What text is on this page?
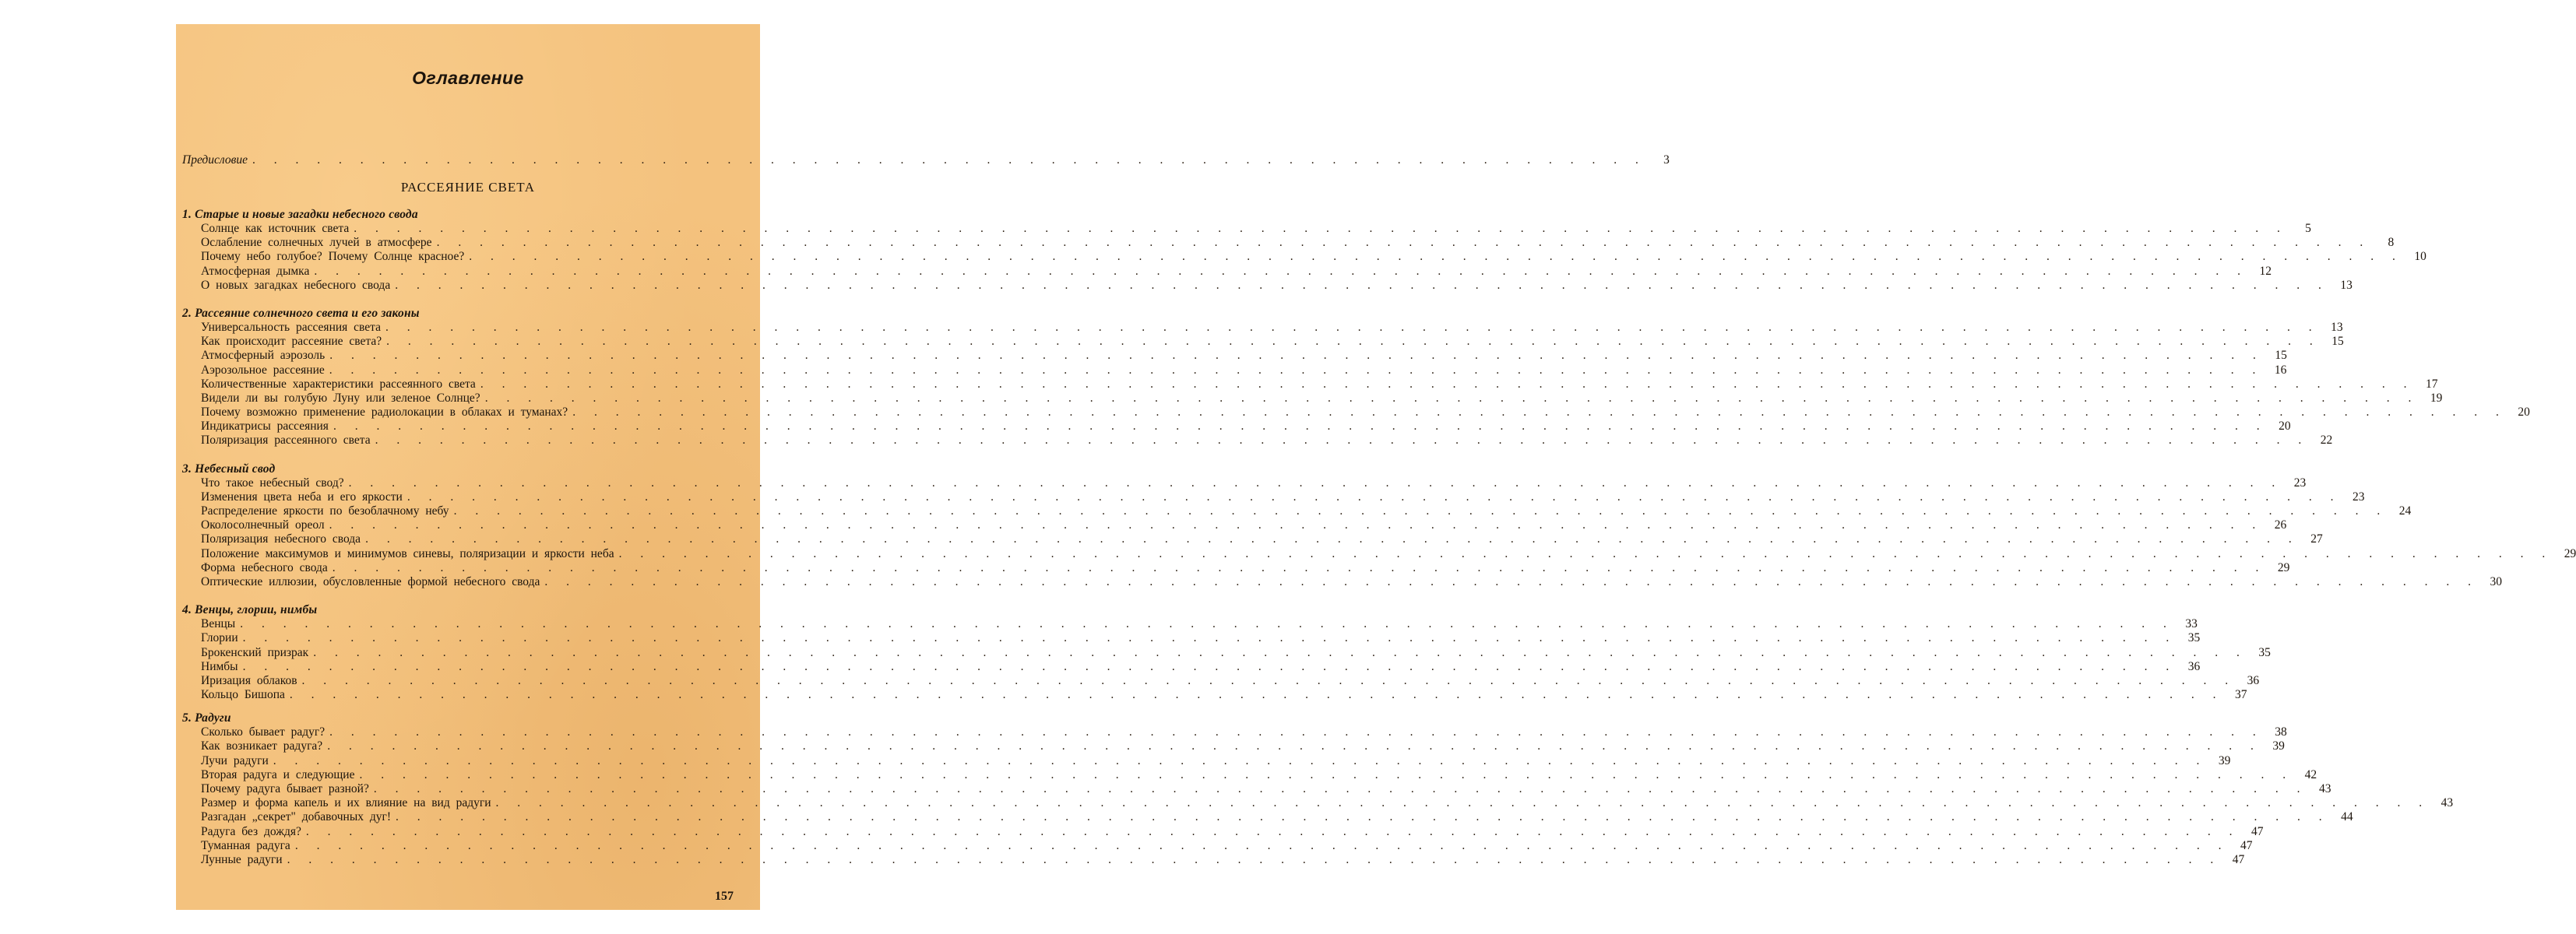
Оглавление
Предисловие . . . . . . . . . . . . . . . . . . . . . . . . . . . . . . . . . . . . . . . . . . . . . . . . . . . . . . . . . . . . . . . . .	3
РАССЕЯНИЕ СВЕТА
1. Старые и новые загадки небесного свода
Солнце как источник света . . . . . . . . . . . . . . . . . . . . . . . . . . . . . . . . . . . . . . . . . . . . . . . . . . . . . . . . . . . . . . . . . . . . . . . . . . . . . . . . . . . . . . . . . .	5
Ослабление солнечных лучей в атмосфере . . . . . . . . . . . . . . . . . . . . . . . . . . . . . . . . . . . . . . . . . . . . . . . . . . . . . . . . . . . . . . . . . . . . . . . . . . . . . . . . . . . . . . . . . .	8
Почему небо голубое? Почему Солнце красное? . . . . . . . . . . . . . . . . . . . . . . . . . . . . . . . . . . . . . . . . . . . . . . . . . . . . . . . . . . . . . . . . . . . . . . . . . . . . . . . . . . . . . . . . . . 10
Атмосферная дымка . . . . . . . . . . . . . . . . . . . . . . . . . . . . . . . . . . . . . . . . . . . . . . . . . . . . . . . . . . . . . . . . . . . . . . . . . . . . . . . . . . . . . . . . . . 12
О новых загадках небесного свода . . . . . . . . . . . . . . . . . . . . . . . . . . . . . . . . . . . . . . . . . . . . . . . . . . . . . . . . . . . . . . . . . . . . . . . . . . . . . . . . . . . . . . . . . . 13
2. Рассеяние солнечного света и его законы
Универсальность рассеяния света . . . . . . . . . . . . . . . . . . . . . . . . . . . . . . . . . . . . . . . . . . . . . . . . . . . . . . . . . . . . . . . . . . . . . . . . . . . . . . . . . . . . . . . . . . 13
Как происходит рассеяние света? . . . . . . . . . . . . . . . . . . . . . . . . . . . . . . . . . . . . . . . . . . . . . . . . . . . . . . . . . . . . . . . . . . . . . . . . . . . . . . . . . . . . . . . . . . 15
Атмосферный аэрозоль . . . . . . . . . . . . . . . . . . . . . . . . . . . . . . . . . . . . . . . . . . . . . . . . . . . . . . . . . . . . . . . . . . . . . . . . . . . . . . . . . . . . . . . . . . 15
Аэрозольное рассеяние . . . . . . . . . . . . . . . . . . . . . . . . . . . . . . . . . . . . . . . . . . . . . . . . . . . . . . . . . . . . . . . . . . . . . . . . . . . . . . . . . . . . . . . . . . 16
Количественные характеристики рассеянного света . . . . . . . . . . . . . . . . . . . . . . . . . . . . . . . . . . . . . . . . . . . . . . . . . . . . . . . . . . . . . . . . . . . . . . . . . . . . . . . . . . . . . . . . . . 17
Видели ли вы голубую Луну или зеленое Солнце? . . . . . . . . . . . . . . . . . . . . . . . . . . . . . . . . . . . . . . . . . . . . . . . . . . . . . . . . . . . . . . . . . . . . . . . . . . . . . . . . . . . . . . . . . . 19
Почему возможно применение радиолокации в облаках и туманах? . . . . . . . . . . . . . . . . . . . . . . . . . . . . . . . . . . . . . . . . . . . . . . . . . . . . . . . . . . . . . . . . . . . . . . . . . . . . . . . . . . . . . . . . . . 20
Индикатрисы рассеяния . . . . . . . . . . . . . . . . . . . . . . . . . . . . . . . . . . . . . . . . . . . . . . . . . . . . . . . . . . . . . . . . . . . . . . . . . . . . . . . . . . . . . . . . . . 20
Поляризация рассеянного света . . . . . . . . . . . . . . . . . . . . . . . . . . . . . . . . . . . . . . . . . . . . . . . . . . . . . . . . . . . . . . . . . . . . . . . . . . . . . . . . . . . . . . . . . . 22
3. Небесный свод
Что такое небесный свод? . . . . . . . . . . . . . . . . . . . . . . . . . . . . . . . . . . . . . . . . . . . . . . . . . . . . . . . . . . . . . . . . . . . . . . . . . . . . . . . . . . . . . . . . . . 23
Изменения цвета неба и его яркости . . . . . . . . . . . . . . . . . . . . . . . . . . . . . . . . . . . . . . . . . . . . . . . . . . . . . . . . . . . . . . . . . . . . . . . . . . . . . . . . . . . . . . . . . . 23
Распределение яркости по безоблачному небу . . . . . . . . . . . . . . . . . . . . . . . . . . . . . . . . . . . . . . . . . . . . . . . . . . . . . . . . . . . . . . . . . . . . . . . . . . . . . . . . . . . . . . . . . . 24
Околосолнечный ореол . . . . . . . . . . . . . . . . . . . . . . . . . . . . . . . . . . . . . . . . . . . . . . . . . . . . . . . . . . . . . . . . . . . . . . . . . . . . . . . . . . . . . . . . . . 26
Поляризация небесного свода . . . . . . . . . . . . . . . . . . . . . . . . . . . . . . . . . . . . . . . . . . . . . . . . . . . . . . . . . . . . . . . . . . . . . . . . . . . . . . . . . . . . . . . . . . 27
Положение максимумов и минимумов синевы, поляризации и яркости неба . . . . . . . . . . . . . . . . . . . . . . . . . . . . . . . . . . . . . . . . . . . . . . . . . . . . . . . . . . . . . . . . . . . . . . . . . . . . . . . . . . . . . . . . . . 29
Форма небесного свода . . . . . . . . . . . . . . . . . . . . . . . . . . . . . . . . . . . . . . . . . . . . . . . . . . . . . . . . . . . . . . . . . . . . . . . . . . . . . . . . . . . . . . . . . . 29
Оптические иллюзии, обусловленные формой небесного свода . . . . . . . . . . . . . . . . . . . . . . . . . . . . . . . . . . . . . . . . . . . . . . . . . . . . . . . . . . . . . . . . . . . . . . . . . . . . . . . . . . . . . . . . . . 30
4. Венцы, глории, нимбы
Венцы . . . . . . . . . . . . . . . . . . . . . . . . . . . . . . . . . . . . . . . . . . . . . . . . . . . . . . . . . . . . . . . . . . . . . . . . . . . . . . . . . . . . . . . . . . 33
Глории . . . . . . . . . . . . . . . . . . . . . . . . . . . . . . . . . . . . . . . . . . . . . . . . . . . . . . . . . . . . . . . . . . . . . . . . . . . . . . . . . . . . . . . . . . 35
Брокенский призрак . . . . . . . . . . . . . . . . . . . . . . . . . . . . . . . . . . . . . . . . . . . . . . . . . . . . . . . . . . . . . . . . . . . . . . . . . . . . . . . . . . . . . . . . . . 35
Нимбы . . . . . . . . . . . . . . . . . . . . . . . . . . . . . . . . . . . . . . . . . . . . . . . . . . . . . . . . . . . . . . . . . . . . . . . . . . . . . . . . . . . . . . . . . . 36
Иризация облаков . . . . . . . . . . . . . . . . . . . . . . . . . . . . . . . . . . . . . . . . . . . . . . . . . . . . . . . . . . . . . . . . . . . . . . . . . . . . . . . . . . . . . . . . . . 36
Кольцо Бишопа . . . . . . . . . . . . . . . . . . . . . . . . . . . . . . . . . . . . . . . . . . . . . . . . . . . . . . . . . . . . . . . . . . . . . . . . . . . . . . . . . . . . . . . . . . 37
5. Радуги
Сколько бывает радуг? . . . . . . . . . . . . . . . . . . . . . . . . . . . . . . . . . . . . . . . . . . . . . . . . . . . . . . . . . . . . . . . . . . . . . . . . . . . . . . . . . . . . . . . . . . 38
Как возникает радуга? . . . . . . . . . . . . . . . . . . . . . . . . . . . . . . . . . . . . . . . . . . . . . . . . . . . . . . . . . . . . . . . . . . . . . . . . . . . . . . . . . . . . . . . . . . 39
Лучи радуги . . . . . . . . . . . . . . . . . . . . . . . . . . . . . . . . . . . . . . . . . . . . . . . . . . . . . . . . . . . . . . . . . . . . . . . . . . . . . . . . . . . . . . . . . . 39
Вторая радуга и следующие . . . . . . . . . . . . . . . . . . . . . . . . . . . . . . . . . . . . . . . . . . . . . . . . . . . . . . . . . . . . . . . . . . . . . . . . . . . . . . . . . . . . . . . . . . 42
Почему радуга бывает разной? . . . . . . . . . . . . . . . . . . . . . . . . . . . . . . . . . . . . . . . . . . . . . . . . . . . . . . . . . . . . . . . . . . . . . . . . . . . . . . . . . . . . . . . . . . 43
Размер и форма капель и их влияние на вид радуги . . . . . . . . . . . . . . . . . . . . . . . . . . . . . . . . . . . . . . . . . . . . . . . . . . . . . . . . . . . . . . . . . . . . . . . . . . . . . . . . . . . . . . . . . . 43
Разгадан „секрет" добавочных дуг! . . . . . . . . . . . . . . . . . . . . . . . . . . . . . . . . . . . . . . . . . . . . . . . . . . . . . . . . . . . . . . . . . . . . . . . . . . . . . . . . . . . . . . . . . . 44
Радуга без дождя? . . . . . . . . . . . . . . . . . . . . . . . . . . . . . . . . . . . . . . . . . . . . . . . . . . . . . . . . . . . . . . . . . . . . . . . . . . . . . . . . . . . . . . . . . . 47
Туманная радуга . . . . . . . . . . . . . . . . . . . . . . . . . . . . . . . . . . . . . . . . . . . . . . . . . . . . . . . . . . . . . . . . . . . . . . . . . . . . . . . . . . . . . . . . . . 47
Лунные радуги . . . . . . . . . . . . . . . . . . . . . . . . . . . . . . . . . . . . . . . . . . . . . . . . . . . . . . . . . . . . . . . . . . . . . . . . . . . . . . . . . . . . . . . . . . 47
157
